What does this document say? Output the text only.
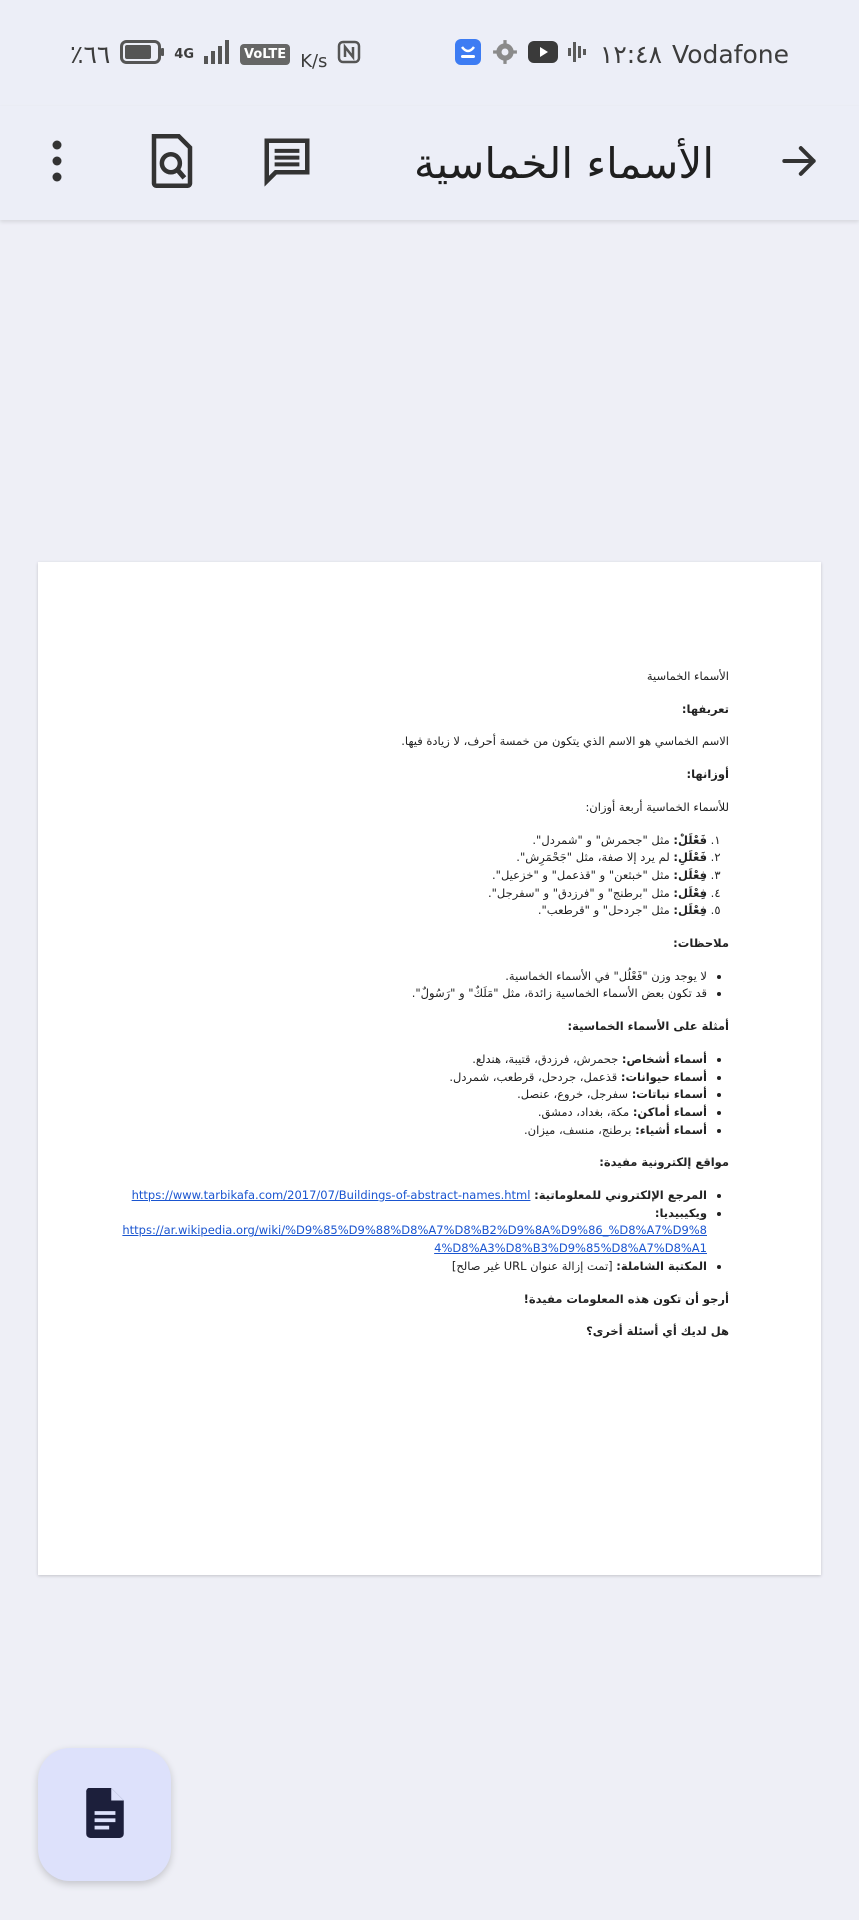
١٢:٤٨ Vodafone
٪٦٦	4G	VoLTE K/s
الأسماء الخماسية

الأسماء الخماسية

تعريفها:

الاسم الخماسي هو الاسم الذي يتكون من خمسة أحرف، لا زيادة فيها.

أوزانها:

للأسماء الخماسية أربعة أوزان:

1. فَعْلَلْ: مثل "جحمرش" و "شمردل".
2. فَعْلَلِ: لم يرد إلا صفة، مثل "جَحْمَرِش".
3. فِعْلَل: مثل "خبثعن" و "قذعمل" و "خزعيل".
4. فِعْلَل: مثل "برطنج" و "فرزدق" و "سفرجل".
5. فِعْلَل: مثل "جردحل" و "قرطعب".
ملاحظات:
• لا يوجد وزن "فَعْلُل" في الأسماء الخماسية.
• قد تكون بعض الأسماء الخماسية زائدة، مثل "مَلَكٌ" و "رَسُولٌ".
أمثلة على الأسماء الخماسية:
• أسماء أشخاص: جحمرش، فرزدق، قتيبة، هندلع.
• أسماء حيوانات: قذعمل، جردحل، قرطعب، شمردل.
• أسماء نباتات: سفرجل، خروع، عنصل.
• أسماء أماكن: مكة، بغداد، دمشق.
• أسماء أشياء: برطنج، منسف، ميزان.
مواقع إلكترونية مفيدة:
• المرجع الإلكتروني للمعلوماتية: https://www.tarbikafa.com/2017/07/Buildings-of-abstract-names.html
• ويكيبيديا:
https://ar.wikipedia.org/wiki/%D9%85%D9%88%D8%A7%D8%B2%D9%8A%D9%86_%D8%A7%D9%84%D8%A3%D8%B3%D9%85%D8%A7%D8%A1
• المكتبة الشاملة: [تمت إزالة عنوان URL غير صالح]
أرجو أن تكون هذه المعلومات مفيدة!
هل لديك أي أسئلة أخرى؟
